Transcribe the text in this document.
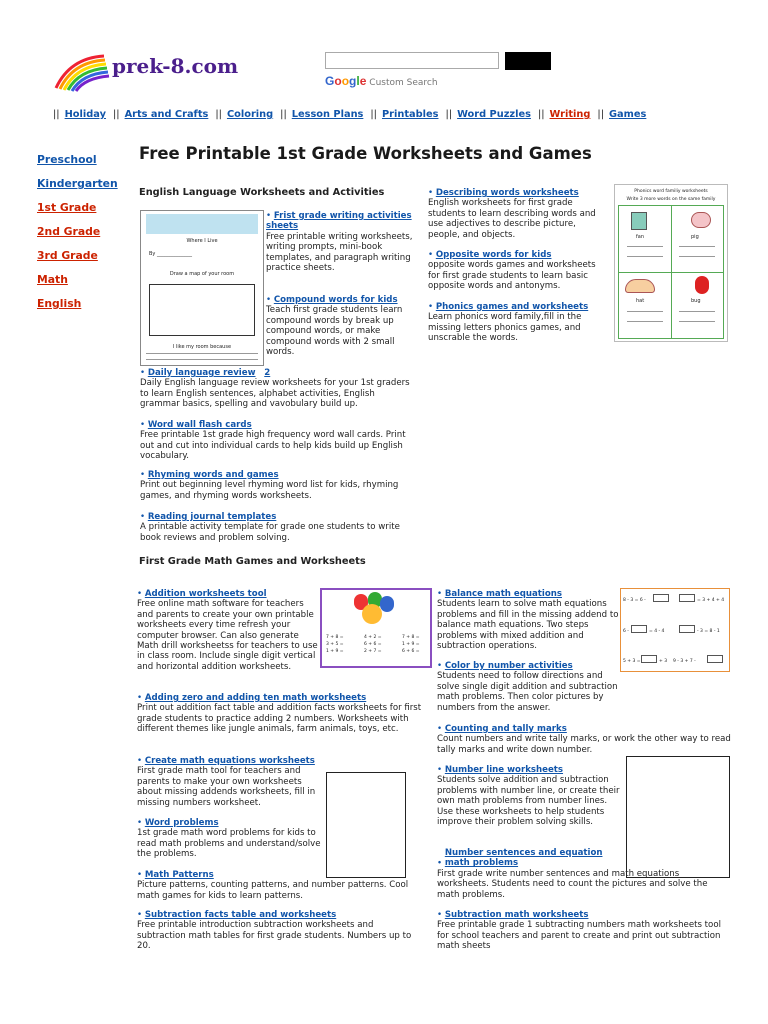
prek-8.com
Google Custom Search
|| Holiday || Arts and Crafts || Coloring || Lesson Plans || Printables || Word Puzzles || Writing || Games
Preschool
Kindergarten
1st Grade
2nd Grade
3rd Grade
Math
English
Free Printable 1st Grade Worksheets and Games
English Language Worksheets and Activities
Where I Live
By ______________
Draw a map of your room
I like my room because
• Frist grade writing activities sheets
Free printable writing worksheets, writing prompts, mini-book templates, and paragraph writing practice sheets.
• Compound words for kids
Teach first grade students learn compound words by break up compound words, or make compound words with 2 small words.
• Daily language review 2
Daily English language review worksheets for your 1st graders to learn English sentences, alphabet activities, English grammar basics, spelling and vavobulary build up.
• Word wall flash cards
Free printable 1st grade high frequency word wall cards. Print out and cut into individual cards to help kids build up English vocabulary.
• Rhyming words and games
Print out beginning level rhyming word list for kids, rhyming games, and rhyming words worksheets.
• Reading journal templates
A printable activity template for grade one students to write book reviews and problem solving.
• Describing words worksheets
English worksheets for first grade students to learn describing words and use adjectives to describe picture, people, and objects.
• Opposite words for kids
opposite words games and worksheets for first grade students to learn basic opposite words and antonyms.
• Phonics games and worksheets
Learn phonics word family,fill in the missing letters phonics games, and unscrable the words.
Phonics word familiy worksheets
Write 3 more words on the same family
fan	pig
hat	bug
First Grade Math Games and Worksheets
7 + 8 =
3 + 5 =
1 + 9 =
4 + 2 =
6 + 6 =
2 + 7 =
7 + 8 =
1 + 9 =
6 + 6 =
8 - 3 = 6 -	= 3 + 4 + 4
6 -	= 4 - 4	- 3 = 8 - 1
5 + 3 =	+ 3 9 - 3 + 7 -
• Addition worksheets tool
Free online math software for teachers and parents to create your own printable worksheets every time refresh your computer browser. Can also generate Math drill worksheetss for teachers to use in class room. Include single digit vertical and horizontal addition worksheets.
• Adding zero and adding ten math worksheets
Print out addition fact table and addition facts worksheets for first grade students to practice adding 2 numbers. Worksheets with different themes like jungle animals, farm animals, toys, etc.
• Create math equations worksheets
First grade math tool for teachers and parents to make your own worksheets about missing addends worksheets, fill in missing numbers worksheet.
• Word problems
1st grade math word problems for kids to read math problems and understand/solve the problems.
• Math Patterns
Picture patterns, counting patterns, and number patterns. Cool math games for kids to learn patterns.
• Subtraction facts table and worksheets
Free printable introduction subtraction worksheets and subtraction math tables for first grade students. Numbers up to 20.
• Balance math equations
Students learn to solve math equations problems and fill in the missing addend to balance math equations. Two steps problems with mixed addition and subtraction operations.
• Color by number activities
Students need to follow directions and solve single digit addition and subtraction math problems. Then color pictures by numbers from the answer.
• Counting and tally marks
Count numbers and write tally marks, or work the other way to read tally marks and write down number.
• Number line worksheets
Students solve addition and subtraction problems with number line, or create their own math problems from number lines. Use these worksheets to help students improve their problem solving skills.
• Number sentences and equation math problems
First grade write number sentences and math equations worksheets. Students need to count the pictures and solve the math problems.
• Subtraction math worksheets
Free printable grade 1 subtracting numbers math worksheets tool for school teachers and parent to create and print out subtraction math sheets
